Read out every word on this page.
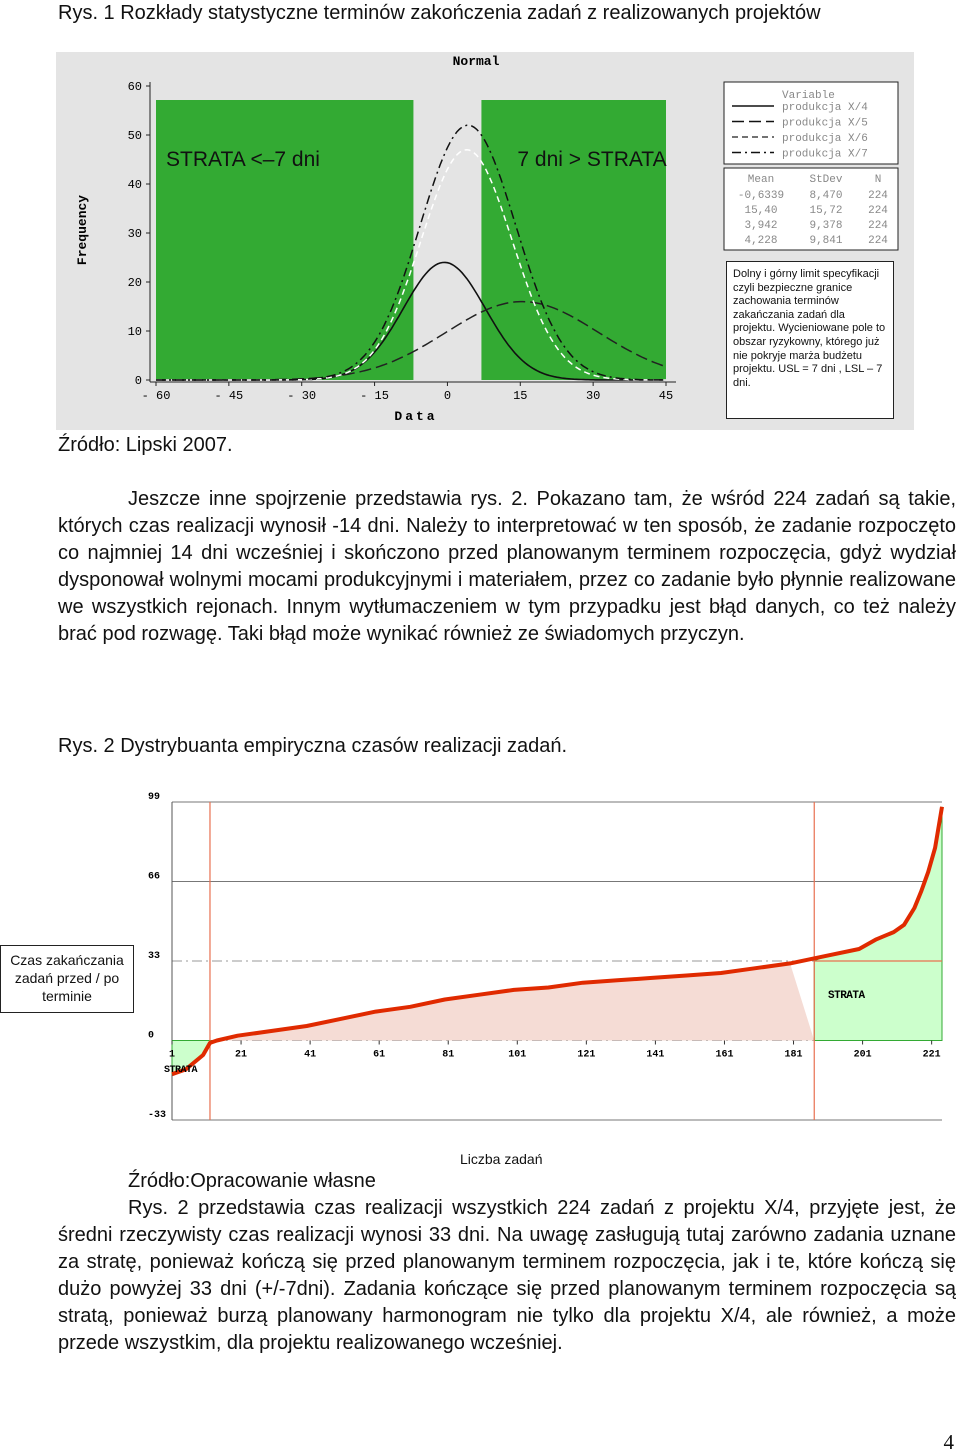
Rys. 1 Rozkłady statystyczne terminów zakończenia zadań z realizowanych projektów

- 60	- 45	- 30	- 15	0	15	30	45
0
10
20
30
40
50
60
Normal
Data
Frequency
STRATA <–7 dni	7 dni > STRATA
Variable
produkcja X/4
produkcja X/5
produkcja X/6
produkcja X/7
Mean	StDev	N
-0,6339 8,470 224
15,40	15,72 224
3,942	9,378 224
4,228	9,841 224
Dolny i górny limit specyfikacji czyli bezpieczne granice zachowania terminów zakańczania zadań dla projektu. Wycieniowane pole to obszar ryzykowny, którego już nie pokryje marża budżetu projektu. USL = 7 dni , LSL – 7 dni.

Źródło: Lipski 2007.

Jeszcze inne spojrzenie przedstawia rys. 2. Pokazano tam, że wśród 224 zadań są takie, których czas realizacji wynosił -14 dni. Należy to interpretować w ten sposób, że zadanie rozpoczęto co najmniej 14 dni wcześniej i skończono przed planowanym terminem rozpoczęcia, gdyż wydział dysponował wolnymi mocami produkcyjnymi i materiałem, przez co zadanie było płynnie realizowane we wszystkich rejonach. Innym wytłumaczeniem w tym przypadku jest błąd danych, co też należy brać pod rozwagę. Taki błąd może wynikać również ze świadomych przyczyn.

Rys. 2 Dystrybuanta empiryczna czasów realizacji zadań.

99
66
33
0
-33
1	21	41	61	81	101	121	141	161	181	201	221
STRATA
STRATA
Czas zakańczania zadań przed / po terminie
Liczba zadań

Źródło:Opracowanie własne

Rys. 2 przedstawia czas realizacji wszystkich 224 zadań z projektu X/4, przyjęte jest, że średni rzeczywisty czas realizacji wynosi 33 dni. Na uwagę zasługują tutaj zarówno zadania uznane za stratę, ponieważ kończą się przed planowanym terminem rozpoczęcia, jak i te, które kończą się dużo powyżej 33 dni (+/-7dni). Zadania kończące się przed planowanym terminem rozpoczęcia są stratą, ponieważ burzą planowany harmonogram nie tylko dla projektu X/4, ale również, a może przede wszystkim, dla projektu realizowanego wcześniej.

4
